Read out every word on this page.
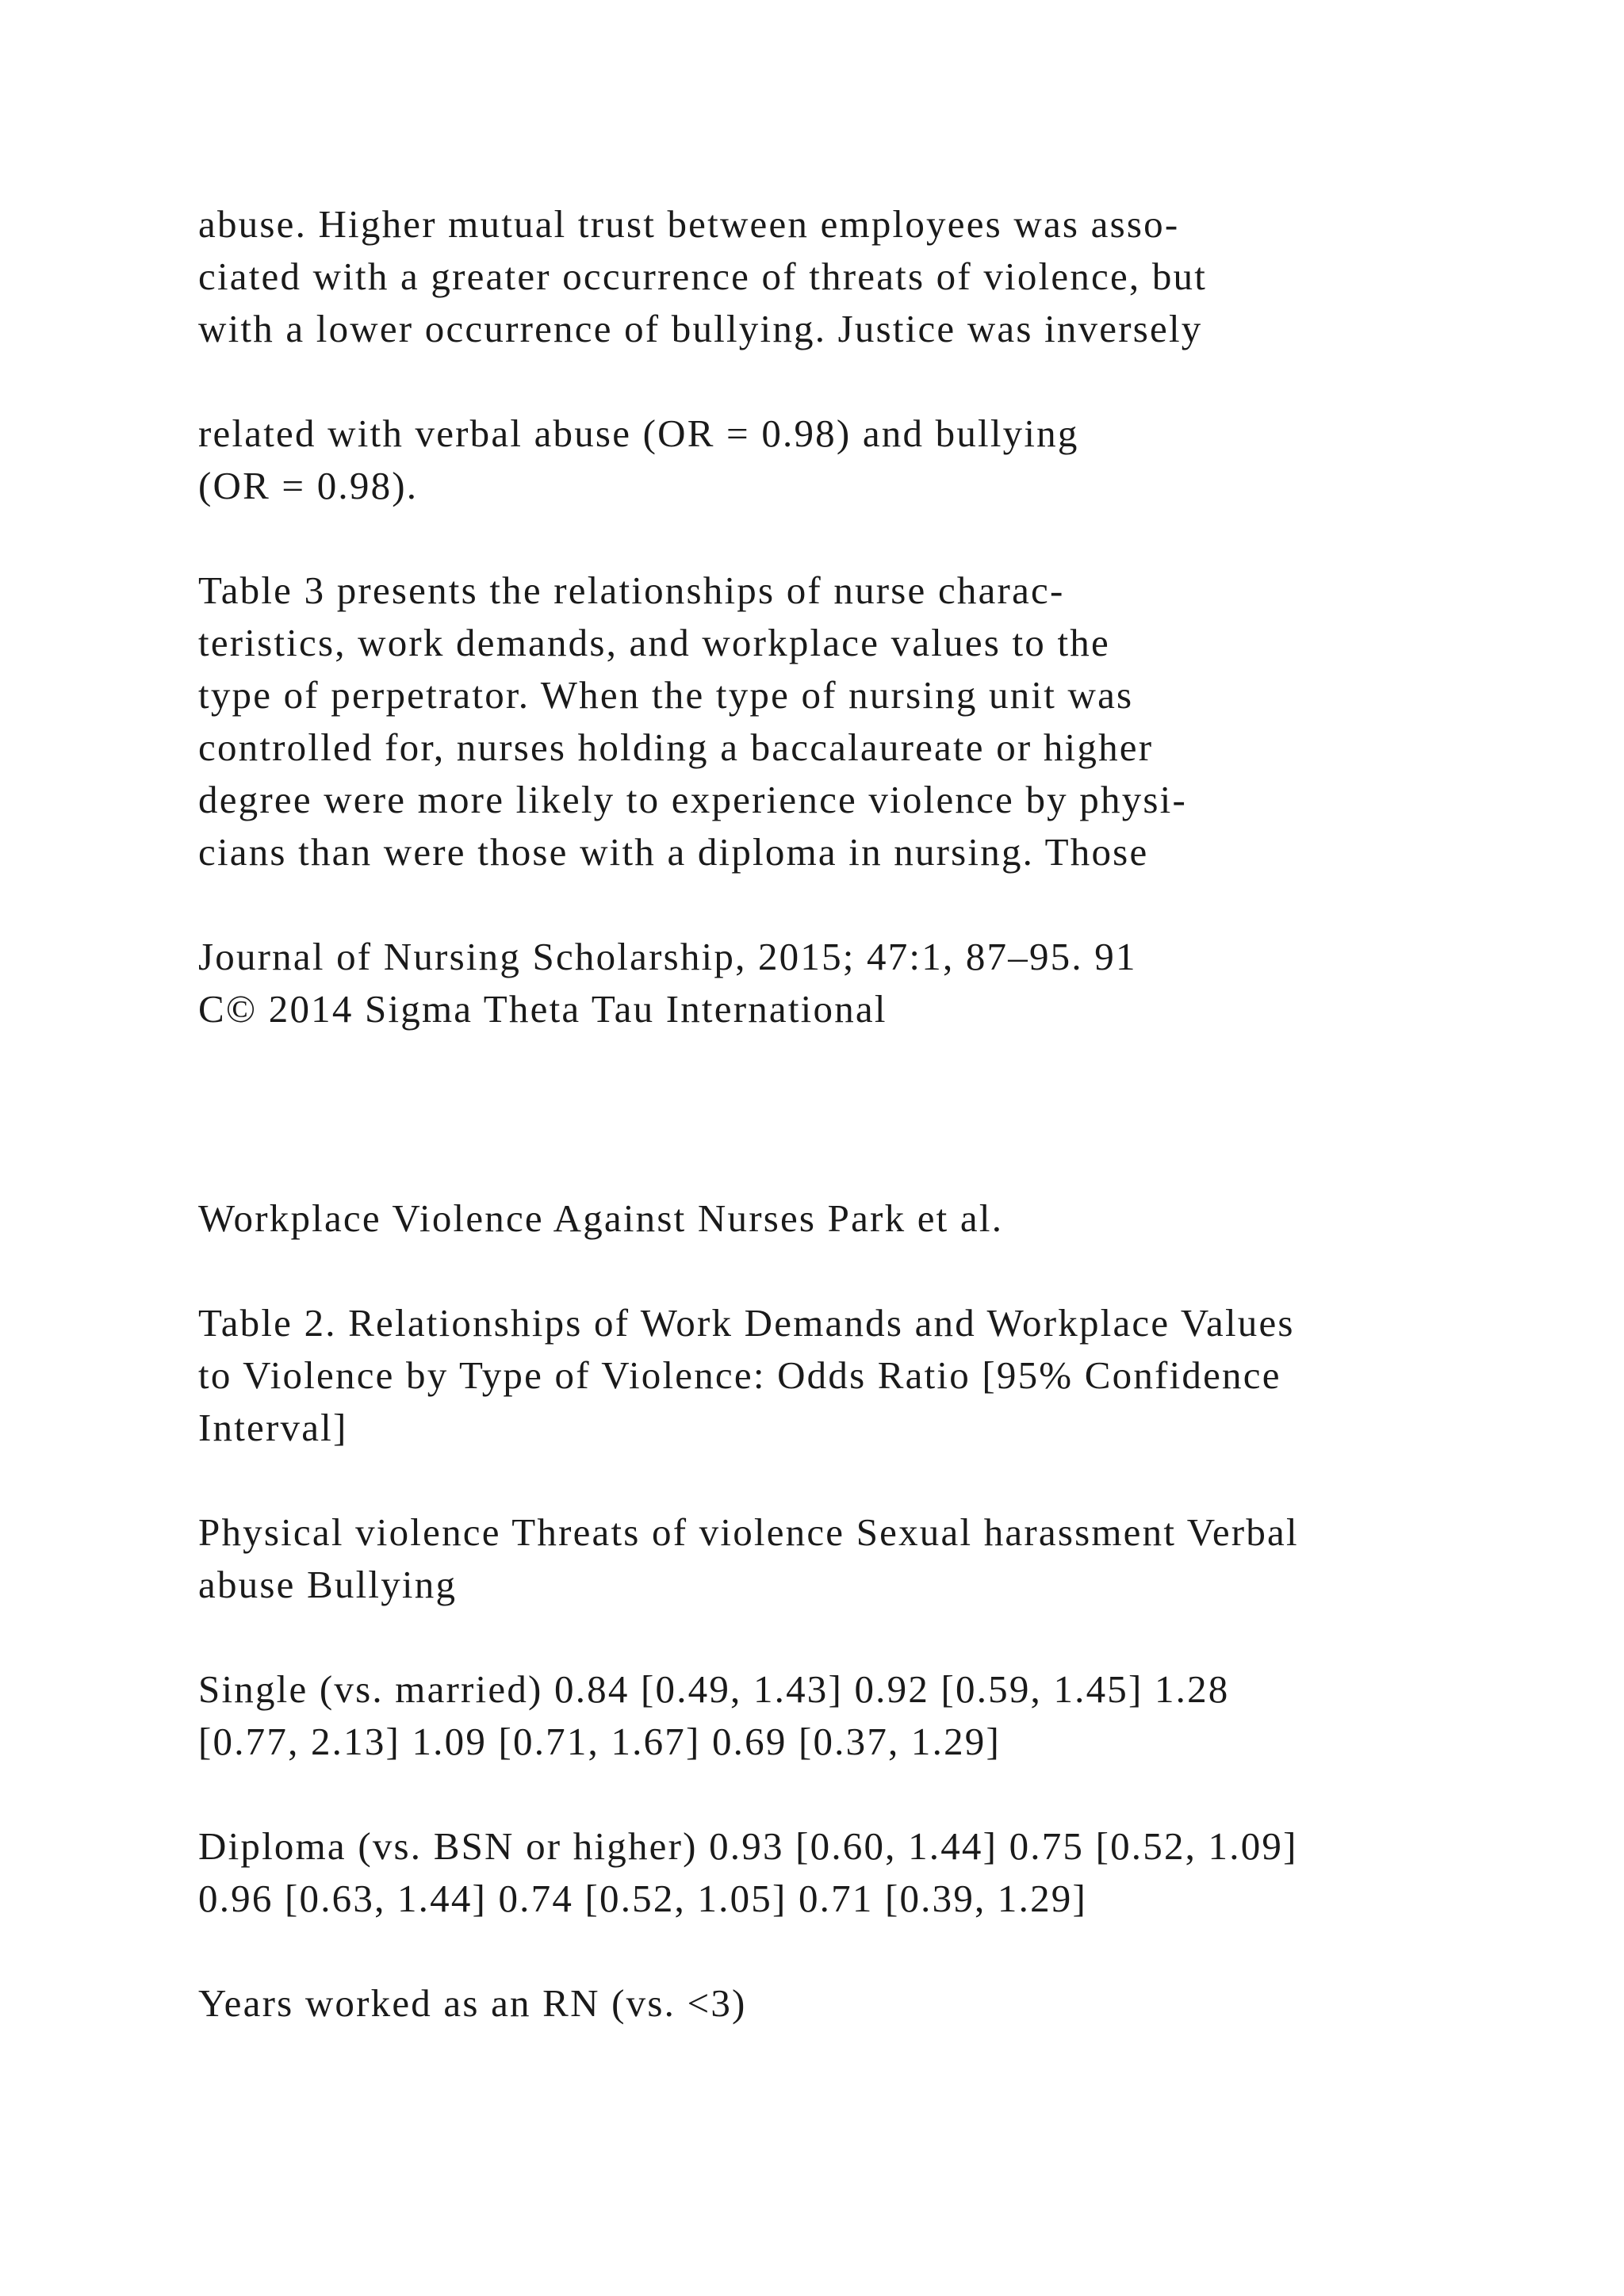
abuse. Higher mutual trust between employees was asso-
ciated with a greater occurrence of threats of violence, but
with a lower occurrence of bullying. Justice was inversely
related with verbal abuse (OR = 0.98) and bullying
(OR = 0.98).
Table 3 presents the relationships of nurse charac-
teristics, work demands, and workplace values to the
type of perpetrator. When the type of nursing unit was
controlled for, nurses holding a baccalaureate or higher
degree were more likely to experience violence by physi-
cians than were those with a diploma in nursing. Those
Journal of Nursing Scholarship, 2015; 47:1, 87–95. 91
C© 2014 Sigma Theta Tau International
Workplace Violence Against Nurses Park et al.
Table 2. Relationships of Work Demands and Workplace Values
to Violence by Type of Violence: Odds Ratio [95% Confidence
Interval]
Physical violence Threats of violence Sexual harassment Verbal
abuse Bullying
Single (vs. married) 0.84 [0.49, 1.43] 0.92 [0.59, 1.45] 1.28
[0.77, 2.13] 1.09 [0.71, 1.67] 0.69 [0.37, 1.29]
Diploma (vs. BSN or higher) 0.93 [0.60, 1.44] 0.75 [0.52, 1.09]
0.96 [0.63, 1.44] 0.74 [0.52, 1.05] 0.71 [0.39, 1.29]
Years worked as an RN (vs. <3)
